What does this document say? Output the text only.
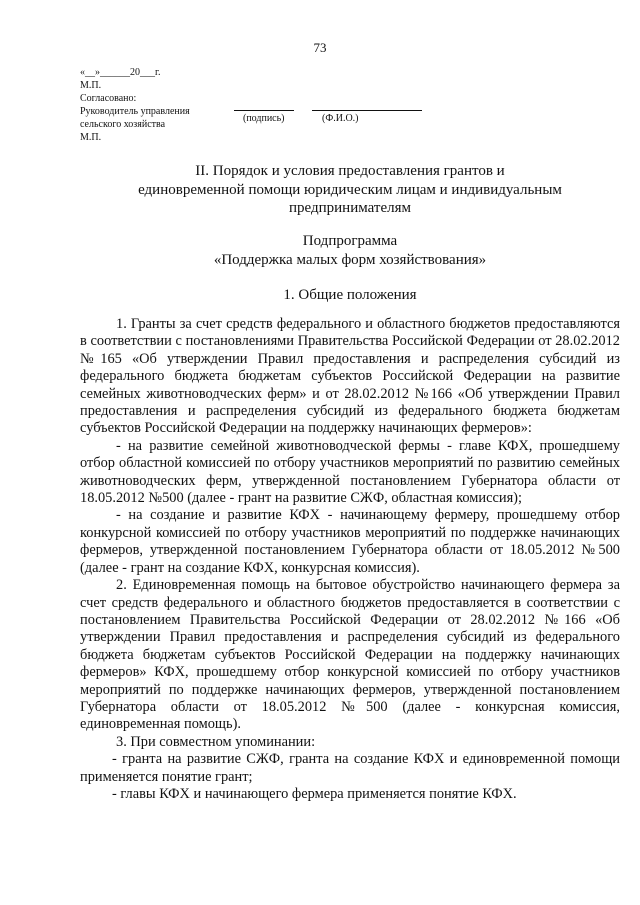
73
«__»______20___г.
М.П.
Согласовано:
Руководитель управления
сельского хозяйства
М.П.
(подпись)	(Ф.И.О.)
II. Порядок и условия предоставления грантов и
единовременной помощи юридическим лицам и индивидуальным
предпринимателям
Подпрограмма
«Поддержка малых форм хозяйствования»
1. Общие положения

1. Гранты за счет средств федерального и областного бюджетов предоставляются в соответствии с постановлениями Правительства Российской Федерации от 28.02.2012 №165 «Об утверждении Правил предоставления и распределения субсидий из федерального бюджета бюджетам субъектов Российской Федерации на развитие семейных животноводческих ферм» и от 28.02.2012 №166 «Об утверждении Правил предоставления и распределения субсидий из федерального бюджета бюджетам субъектов Российской Федерации на поддержку начинающих фермеров»:

- на развитие семейной животноводческой фермы - главе КФХ, прошедшему отбор областной комиссией по отбору участников мероприятий по развитию семейных животноводческих ферм, утвержденной постановлением Губернатора области от 18.05.2012 №500 (далее - грант на развитие СЖФ, областная комиссия);

- на создание и развитие КФХ - начинающему фермеру, прошедшему отбор конкурсной комиссией по отбору участников мероприятий по поддержке начинающих фермеров, утвержденной постановлением Губернатора области от 18.05.2012 №500 (далее - грант на создание КФХ, конкурсная комиссия).

2. Единовременная помощь на бытовое обустройство начинающего фермера за счет средств федерального и областного бюджетов предоставляется в соответствии с постановлением Правительства Российской Федерации от 28.02.2012 №166 «Об утверждении Правил предоставления и распределения субсидий из федерального бюджета бюджетам субъектов Российской Федерации на поддержку начинающих фермеров» КФХ, прошедшему отбор конкурсной комиссией по отбору участников мероприятий по поддержке начинающих фермеров, утвержденной постановлением Губернатора области от 18.05.2012 №500 (далее - конкурсная комиссия, единовременная помощь).

3. При совместном упоминании:

- гранта на развитие СЖФ, гранта на создание КФХ и единовременной помощи применяется понятие грант;

- главы КФХ и начинающего фермера применяется понятие КФХ.
